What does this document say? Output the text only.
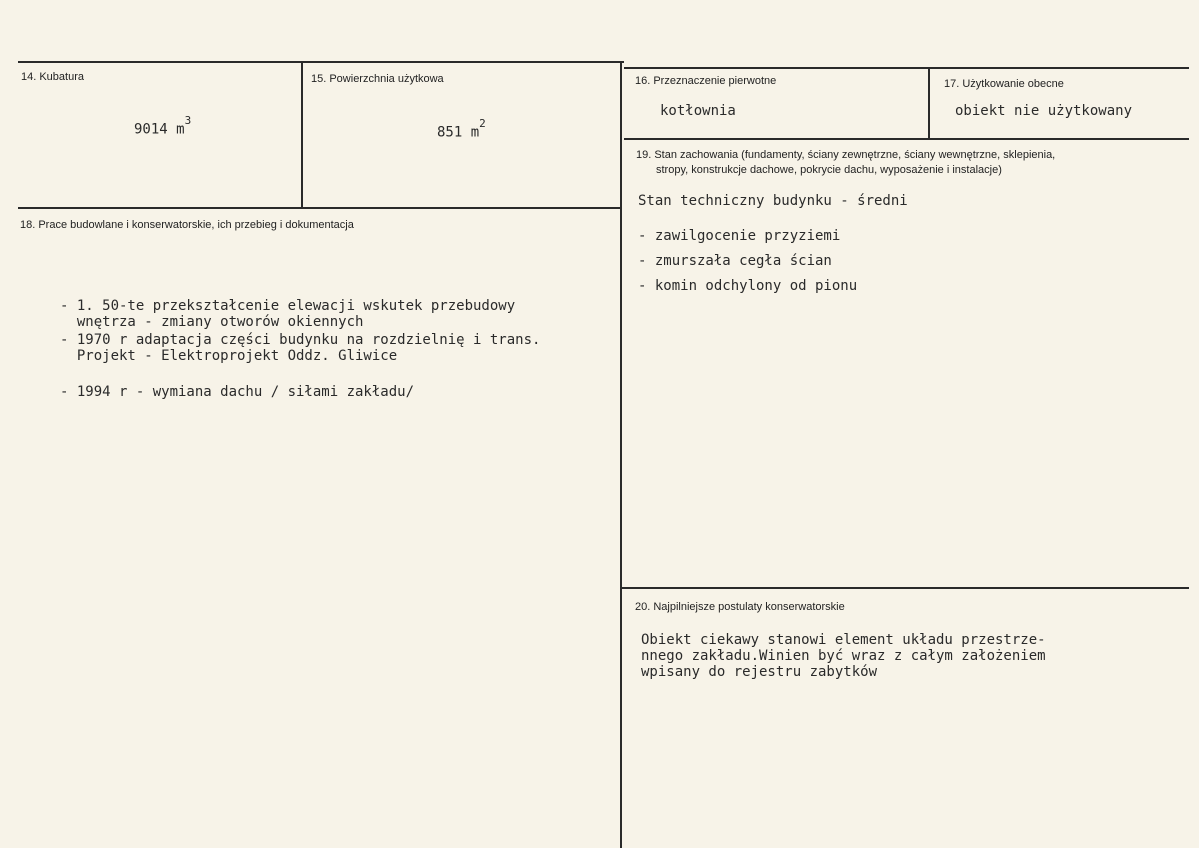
14. Kubatura
9014 $m^3$
15. Powierzchnia użytkowa
851 $m^2$
16. Przeznaczenie pierwotne
kotłownia
17. Użytkowanie obecne
obiekt nie użytkowany
18. Prace budowlane i konserwatorskie, ich przebieg i dokumentacja
- 1. 50-te przekształcenie elewacji wskutek przebudowy
wnętrza - zmiany otworów okiennych
- 1970 r adaptacja części budynku na rozdzielnię i trans.
Projekt - Elektroprojekt Oddz. Gliwice
- 1994 r - wymiana dachu / siłami zakładu/
19. Stan zachowania (fundamenty, ściany zewnętrzne, ściany wewnętrzne, sklepienia,
stropy, konstrukcje dachowe, pokrycie dachu, wyposażenie i instalacje)
Stan techniczny budynku - średni
- zawilgocenie przyziemi
- zmurszała cegła ścian
- komin odchylony od pionu
20. Najpilniejsze postulaty konserwatorskie
Obiekt ciekawy stanowi element układu przestrze-
nnego zakładu.Winien być wraz z całym założeniem
wpisany do rejestru zabytków
